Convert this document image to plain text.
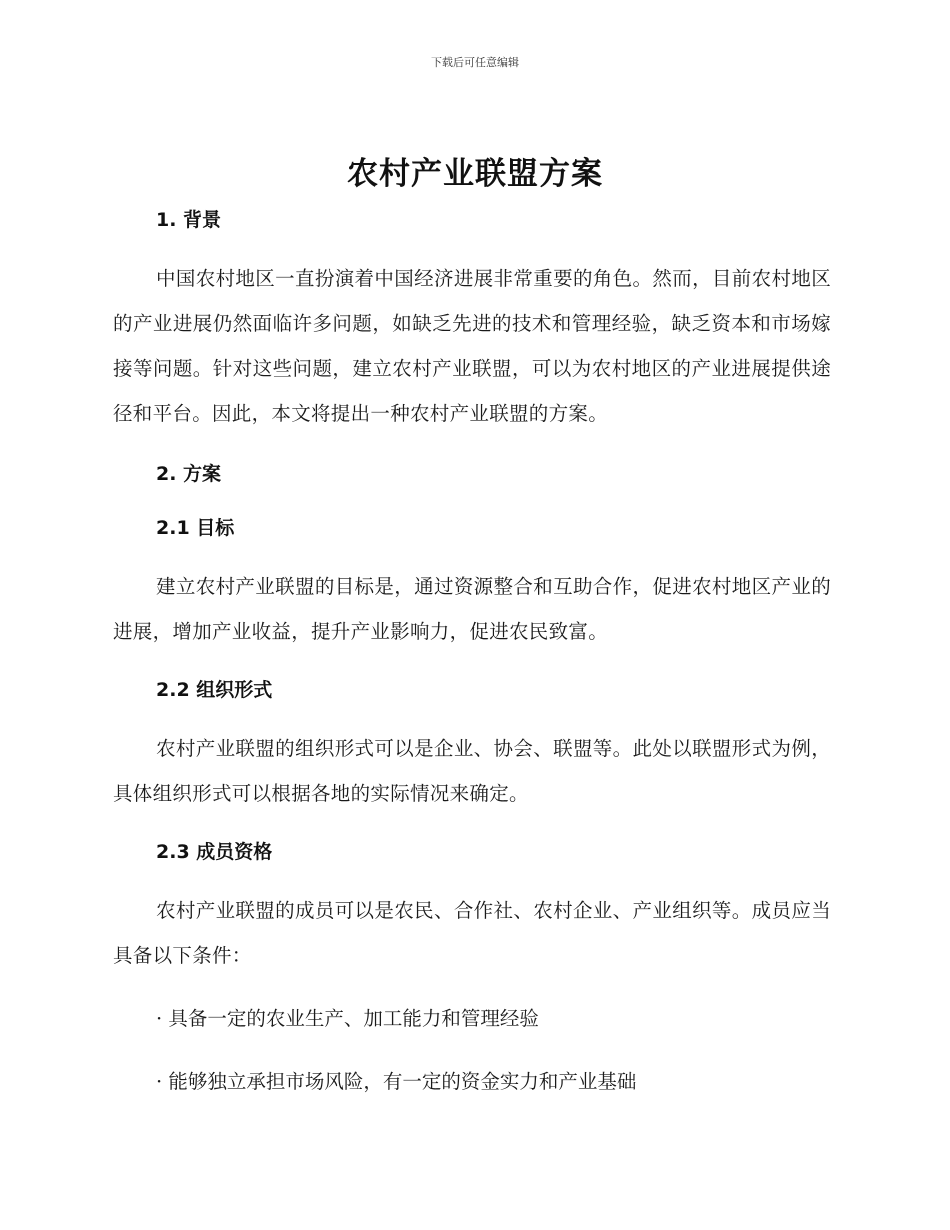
下载后可任意编辑
农村产业联盟方案
1. 背景

中国农村地区一直扮演着中国经济进展非常重要的角色。然而，目前农村地区的产业进展仍然面临许多问题，如缺乏先进的技术和管理经验，缺乏资本和市场嫁接等问题。针对这些问题，建立农村产业联盟，可以为农村地区的产业进展提供途径和平台。因此，本文将提出一种农村产业联盟的方案。

2. 方案
2.1 目标

建立农村产业联盟的目标是，通过资源整合和互助合作，促进农村地区产业的进展，增加产业收益，提升产业影响力，促进农民致富。

2.2 组织形式

农村产业联盟的组织形式可以是企业、协会、联盟等。此处以联盟形式为例，具体组织形式可以根据各地的实际情况来确定。

2.3 成员资格

农村产业联盟的成员可以是农民、合作社、农村企业、产业组织等。成员应当具备以下条件：

· 具备一定的农业生产、加工能力和管理经验

· 能够独立承担市场风险，有一定的资金实力和产业基础
